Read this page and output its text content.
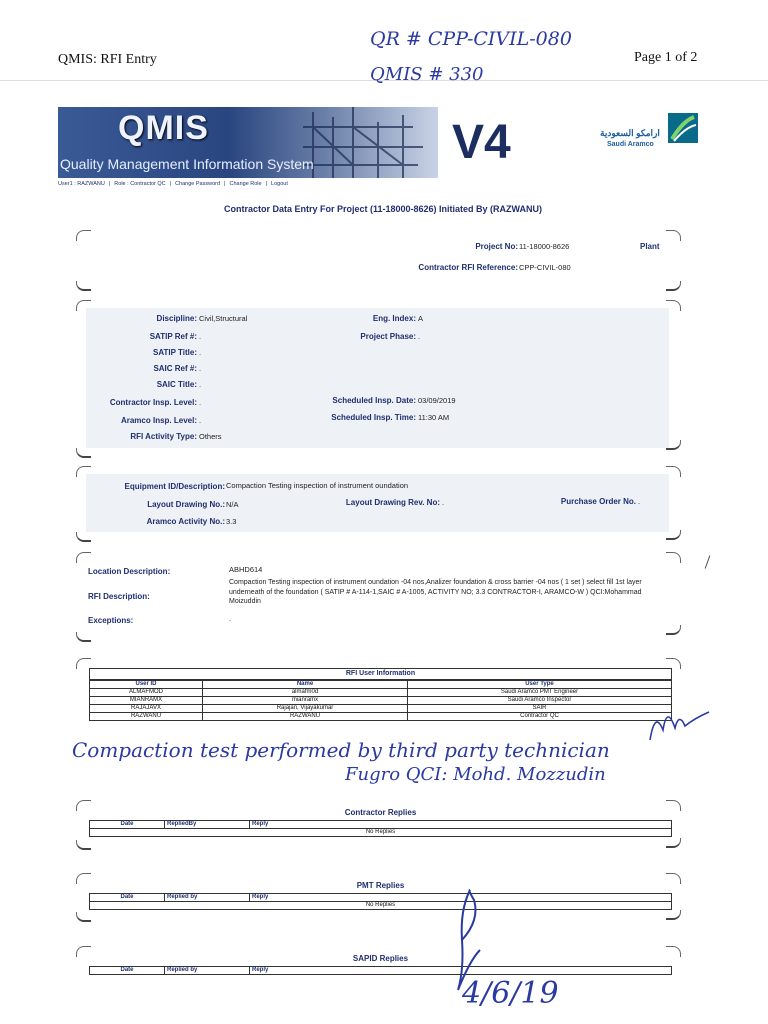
QMIS: RFI Entry	Page 1 of 2
QR # CPP-CIVIL-080
QMIS # 330
QMIS
Quality Management Information System	V4	ارامكو السعودية
Saudi Aramco
User1 : RAZWANU | Role : Contractor QC | Change Password | Change Role | Logout
Contractor Data Entry For Project (11-18000-8626) Initiated By (RAZWANU)
Project No: 11-18000-8626	Plant
Contractor RFI Reference: CPP-CIVIL-080
Discipline: Civil,Structural	Eng. Index: A
SATIP Ref #: .	Project Phase: .
SATIP Title: .
SAIC Ref #: .
SAIC Title: .
Contractor Insp. Level: .	Scheduled Insp. Date: 03/09/2019
Aramco Insp. Level: .	Scheduled Insp. Time: 11:30 AM
RFI Activity Type: Others
Equipment ID/Description: Compaction Testing inspection of instrument oundation
Layout Drawing No.: N/A	Layout Drawing Rev. No: .	Purchase Order No. .
Aramco Activity No.: 3.3
Location Description:	ABHD614
RFI Description:
Compaction Testing inspection of instrument oundation -04 nos,Analizer foundation & cross barrier -04 nos ( 1 set ) select fill 1st layer underneath of the foundation ( SATIP # A-114-1,SAIC # A-1005, ACTIVITY NO; 3.3 CONTRACTOR-I, ARAMCO-W ) QCI:Mohammad Moizuddin
Exceptions:	.
RFI User Information
User ID	Name	User Type
ALMAFMOD	almafm0d	Saudi Aramco PMT Engineer
MIANRAMX	mianramx	Saudi Aramco Inspector
RAJAJAVX	Rajajan, Vijayakumar	SAIR
RAZWANU	RAZWANU	Contractor QC
Compaction test performed by third party technician
Fugro QCI: Mohd. Mozzudin
Contractor Replies
Date	RepliedBy	Reply
No Replies
PMT Replies
Date	Replied by	Reply
No Replies
SAPID Replies
Date	Replied by	Reply
4/6/19
